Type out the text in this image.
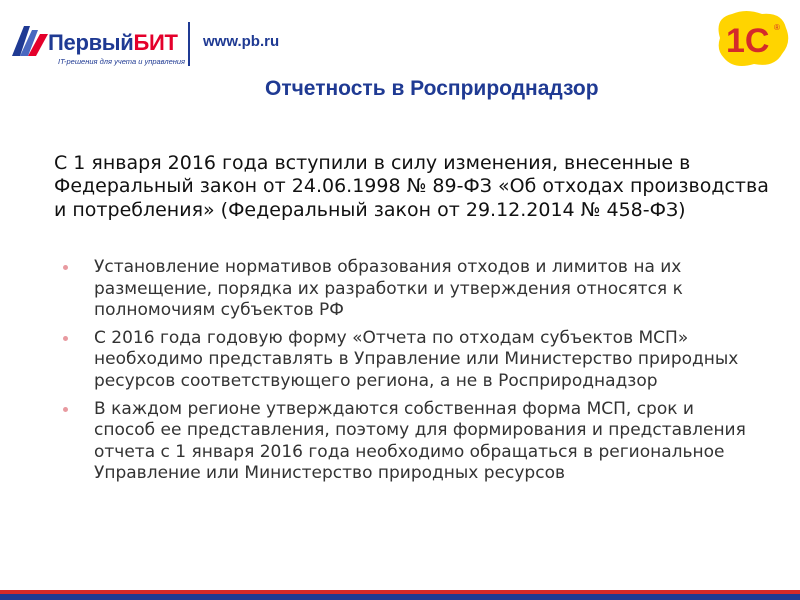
ПервыйБИТ
IT-решения для учета и управления
www.pb.ru	1C ®
Отчетность в Росприроднадзор

С 1 января 2016 года вступили в силу изменения, внесенные в Федеральный закон от 24.06.1998 № 89-ФЗ «Об отходах производства и потребления» (Федеральный закон от 29.12.2014 № 458-ФЗ)

Установление нормативов образования отходов и лимитов на их размещение, порядка их разработки и утверждения относятся к полномочиям субъектов РФ
С 2016 года годовую форму «Отчета по отходам субъектов МСП» необходимо представлять в Управление или Министерство природных ресурсов соответствующего региона, а не в Росприроднадзор
В каждом регионе утверждаются собственная форма МСП, срок и способ ее представления, поэтому для формирования и представления отчета с 1 января 2016 года необходимо обращаться в региональное Управление или Министерство природных ресурсов
